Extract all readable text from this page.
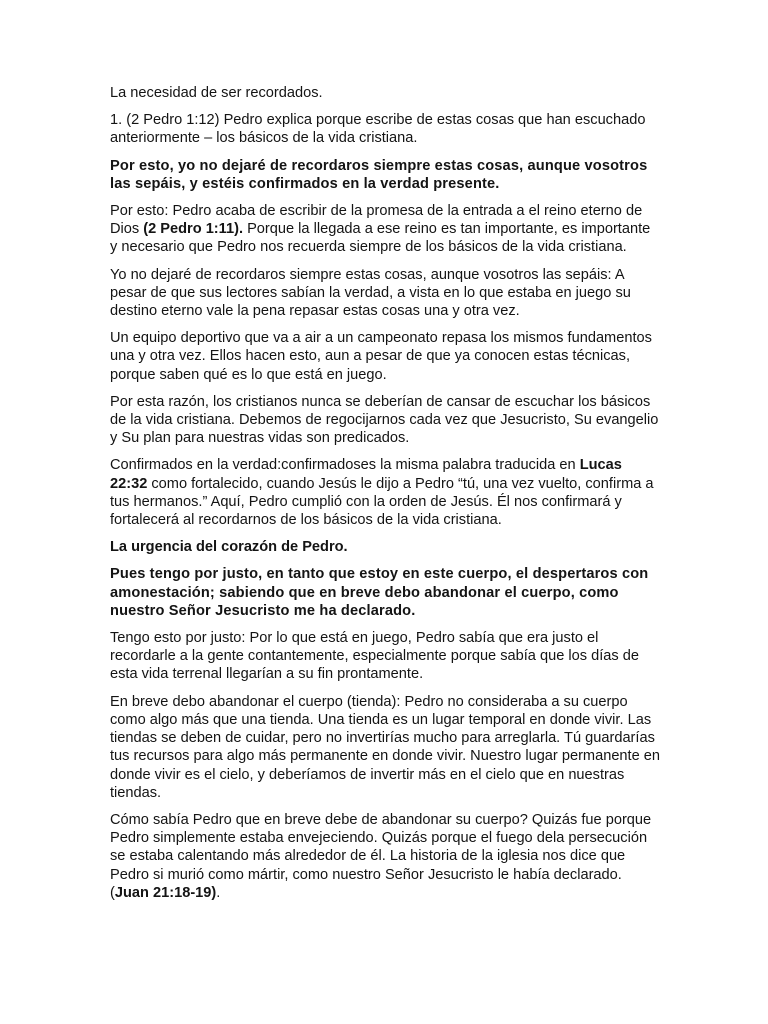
La necesidad de ser recordados.

1. (2 Pedro 1:12) Pedro explica porque escribe de estas cosas que han escuchado anteriormente – los básicos de la vida cristiana.

Por esto, yo no dejaré de recordaros siempre estas cosas, aunque vosotros las sepáis, y estéis confirmados en la verdad presente.

Por esto: Pedro acaba de escribir de la promesa de la entrada a el reino eterno de Dios (2 Pedro 1:11). Porque la llegada a ese reino es tan importante, es importante y necesario que Pedro nos recuerda siempre de los básicos de la vida cristiana.

Yo no dejaré de recordaros siempre estas cosas, aunque vosotros las sepáis: A pesar de que sus lectores sabían la verdad, a vista en lo que estaba en juego su destino eterno vale la pena repasar estas cosas una y otra vez.

Un equipo deportivo que va a air a un campeonato repasa los mismos fundamentos una y otra vez. Ellos hacen esto, aun a pesar de que ya conocen estas técnicas, porque saben qué es lo que está en juego.

Por esta razón, los cristianos nunca se deberían de cansar de escuchar los básicos de la vida cristiana. Debemos de regocijarnos cada vez que Jesucristo, Su evangelio y Su plan para nuestras vidas son predicados.

Confirmados en la verdad:confirmadoses la misma palabra traducida en Lucas 22:32 como fortalecido, cuando Jesús le dijo a Pedro “tú, una vez vuelto, confirma a tus hermanos.” Aquí, Pedro cumplió con la orden de Jesús. Él nos confirmará y fortalecerá al recordarnos de los básicos de la vida cristiana.

La urgencia del corazón de Pedro.

Pues tengo por justo, en tanto que estoy en este cuerpo, el despertaros con amonestación; sabiendo que en breve debo abandonar el cuerpo, como nuestro Señor Jesucristo me ha declarado.

Tengo esto por justo: Por lo que está en juego, Pedro sabía que era justo el recordarle a la gente contantemente, especialmente porque sabía que los días de esta vida terrenal llegarían a su fin prontamente.

En breve debo abandonar el cuerpo (tienda): Pedro no consideraba a su cuerpo como algo más que una tienda. Una tienda es un lugar temporal en donde vivir. Las tiendas se deben de cuidar, pero no invertirías mucho para arreglarla. Tú guardarías tus recursos para algo más permanente en donde vivir. Nuestro lugar permanente en donde vivir es el cielo, y deberíamos de invertir más en el cielo que en nuestras tiendas.

Cómo sabía Pedro que en breve debe de abandonar su cuerpo? Quizás fue porque Pedro simplemente estaba envejeciendo. Quizás porque el fuego dela persecución se estaba calentando más alrededor de él. La historia de la iglesia nos dice que Pedro si murió como mártir, como nuestro Señor Jesucristo le había declarado. (Juan 21:18-19).
